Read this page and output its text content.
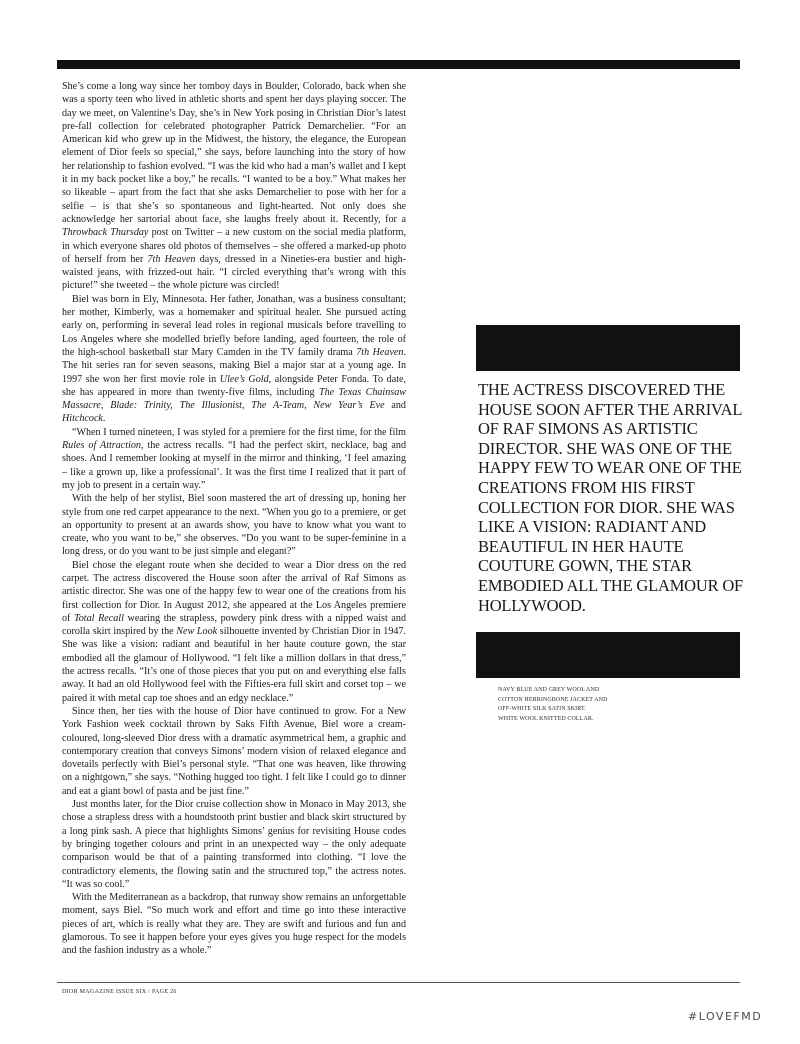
She’s come a long way since her tomboy days in Boulder, Colorado, back when she was a sporty teen who lived in athletic shorts and spent her days playing soccer. The day we meet, on Valentine’s Day, she’s in New York posing in Christian Dior’s latest pre-fall collection for celebrated photographer Patrick Demarchelier. “For an American kid who grew up in the Midwest, the history, the elegance, the European element of Dior feels so special,” she says, before launching into the story of how her relationship to fashion evolved. “I was the kid who had a man’s wallet and I kept it in my back pocket like a boy,” he recalls. “I wanted to be a boy.” What makes her so likeable – apart from the fact that she asks Demarchelier to pose with her for a selfie – is that she’s so spontaneous and light-hearted. Not only does she acknowledge her sartorial about face, she laughs freely about it. Recently, for a Throwback Thursday post on Twitter – a new custom on the social media platform, in which everyone shares old photos of themselves – she offered a marked-up photo of herself from her 7th Heaven days, dressed in a Nineties-era bustier and high-waisted jeans, with frizzed-out hair. “I circled everything that’s wrong with this picture!” she tweeted – the whole picture was circled!

Biel was born in Ely, Minnesota. Her father, Jonathan, was a business consultant; her mother, Kimberly, was a homemaker and spiritual healer. She pursued acting early on, performing in several lead roles in regional musicals before travelling to Los Angeles where she modelled briefly before landing, aged fourteen, the role of the high-school basketball star Mary Camden in the TV family drama 7th Heaven. The hit series ran for seven seasons, making Biel a major star at a young age. In 1997 she won her first movie role in Ulee’s Gold, alongside Peter Fonda. To date, she has appeared in more than twenty-five films, including The Texas Chainsaw Massacre, Blade: Trinity, The Illusionist, The A-Team, New Year’s Eve and Hitchcock.

“When I turned nineteen, I was styled for a premiere for the first time, for the film Rules of Attraction, the actress recalls. “I had the perfect skirt, necklace, bag and shoes. And I remember looking at myself in the mirror and thinking, ‘I feel amazing – like a grown up, like a professional’. It was the first time I realized that it part of my job to present in a certain way.”

With the help of her stylist, Biel soon mastered the art of dressing up, honing her style from one red carpet appearance to the next. “When you go to a premiere, or get an opportunity to present at an awards show, you have to know what you want to create, who you want to be,” she observes. “Do you want to be super-feminine in a long dress, or do you want to be just simple and elegant?”

Biel chose the elegant route when she decided to wear a Dior dress on the red carpet. The actress discovered the House soon after the arrival of Raf Simons as artistic director. She was one of the happy few to wear one of the creations from his first collection for Dior. In August 2012, she appeared at the Los Angeles premiere of Total Recall wearing the strapless, powdery pink dress with a nipped waist and corolla skirt inspired by the New Look silhouette invented by Christian Dior in 1947. She was like a vision: radiant and beautiful in her haute couture gown, the star embodied all the glamour of Hollywood. “I felt like a million dollars in that dress,” the actress recalls. “It’s one of those pieces that you put on and everything else falls away. It had an old Hollywood feel with the Fifties-era full skirt and corset top – we paired it with metal cap toe shoes and an edgy necklace.”

Since then, her ties with the house of Dior have continued to grow. For a New York Fashion week cocktail thrown by Saks Fifth Avenue, Biel wore a cream-coloured, long-sleeved Dior dress with a dramatic asymmetrical hem, a graphic and contemporary creation that conveys Simons’ modern vision of relaxed elegance and dovetails perfectly with Biel’s personal style. “That one was heaven, like throwing on a nightgown,” she says. “Nothing hugged too tight. I felt like I could go to dinner and eat a giant bowl of pasta and be just fine.”

Just months later, for the Dior cruise collection show in Monaco in May 2013, she chose a strapless dress with a houndstooth print bustier and black skirt structured by a long pink sash. A piece that highlights Simons’ genius for revisiting House codes by bringing together colours and print in an unexpected way – the only adequate comparison would be that of a painting transformed into clothing. “I love the contradictory elements, the flowing satin and the structured top,” the actress notes. “It was so cool.”

With the Mediterranean as a backdrop, that runway show remains an unforgettable moment, says Biel. “So much work and effort and time go into these interactive pieces of art, which is really what they are. They are swift and furious and fun and glamorous. To see it happen before your eyes gives you huge respect for the models and the fashion industry as a whole.”

THE ACTRESS DISCOVERED THE HOUSE SOON AFTER THE ARRIVAL OF RAF SIMONS AS ARTISTIC DIRECTOR. SHE WAS ONE OF THE HAPPY FEW TO WEAR ONE OF THE CREATIONS FROM HIS FIRST COLLECTION FOR DIOR. SHE WAS LIKE A VISION: RADIANT AND BEAUTIFUL IN HER HAUTE COUTURE GOWN, THE STAR EMBODIED ALL THE GLAMOUR OF HOLLYWOOD.
NAVY BLUE AND GREY WOOL AND
COTTON HERRINGBONE JACKET AND
OFF-WHITE SILK SATIN SKIRT.
WHITE WOOL KNITTED COLLAR.
DIOR MAGAZINE ISSUE SIX / PAGE 26
#LOVEFMD
